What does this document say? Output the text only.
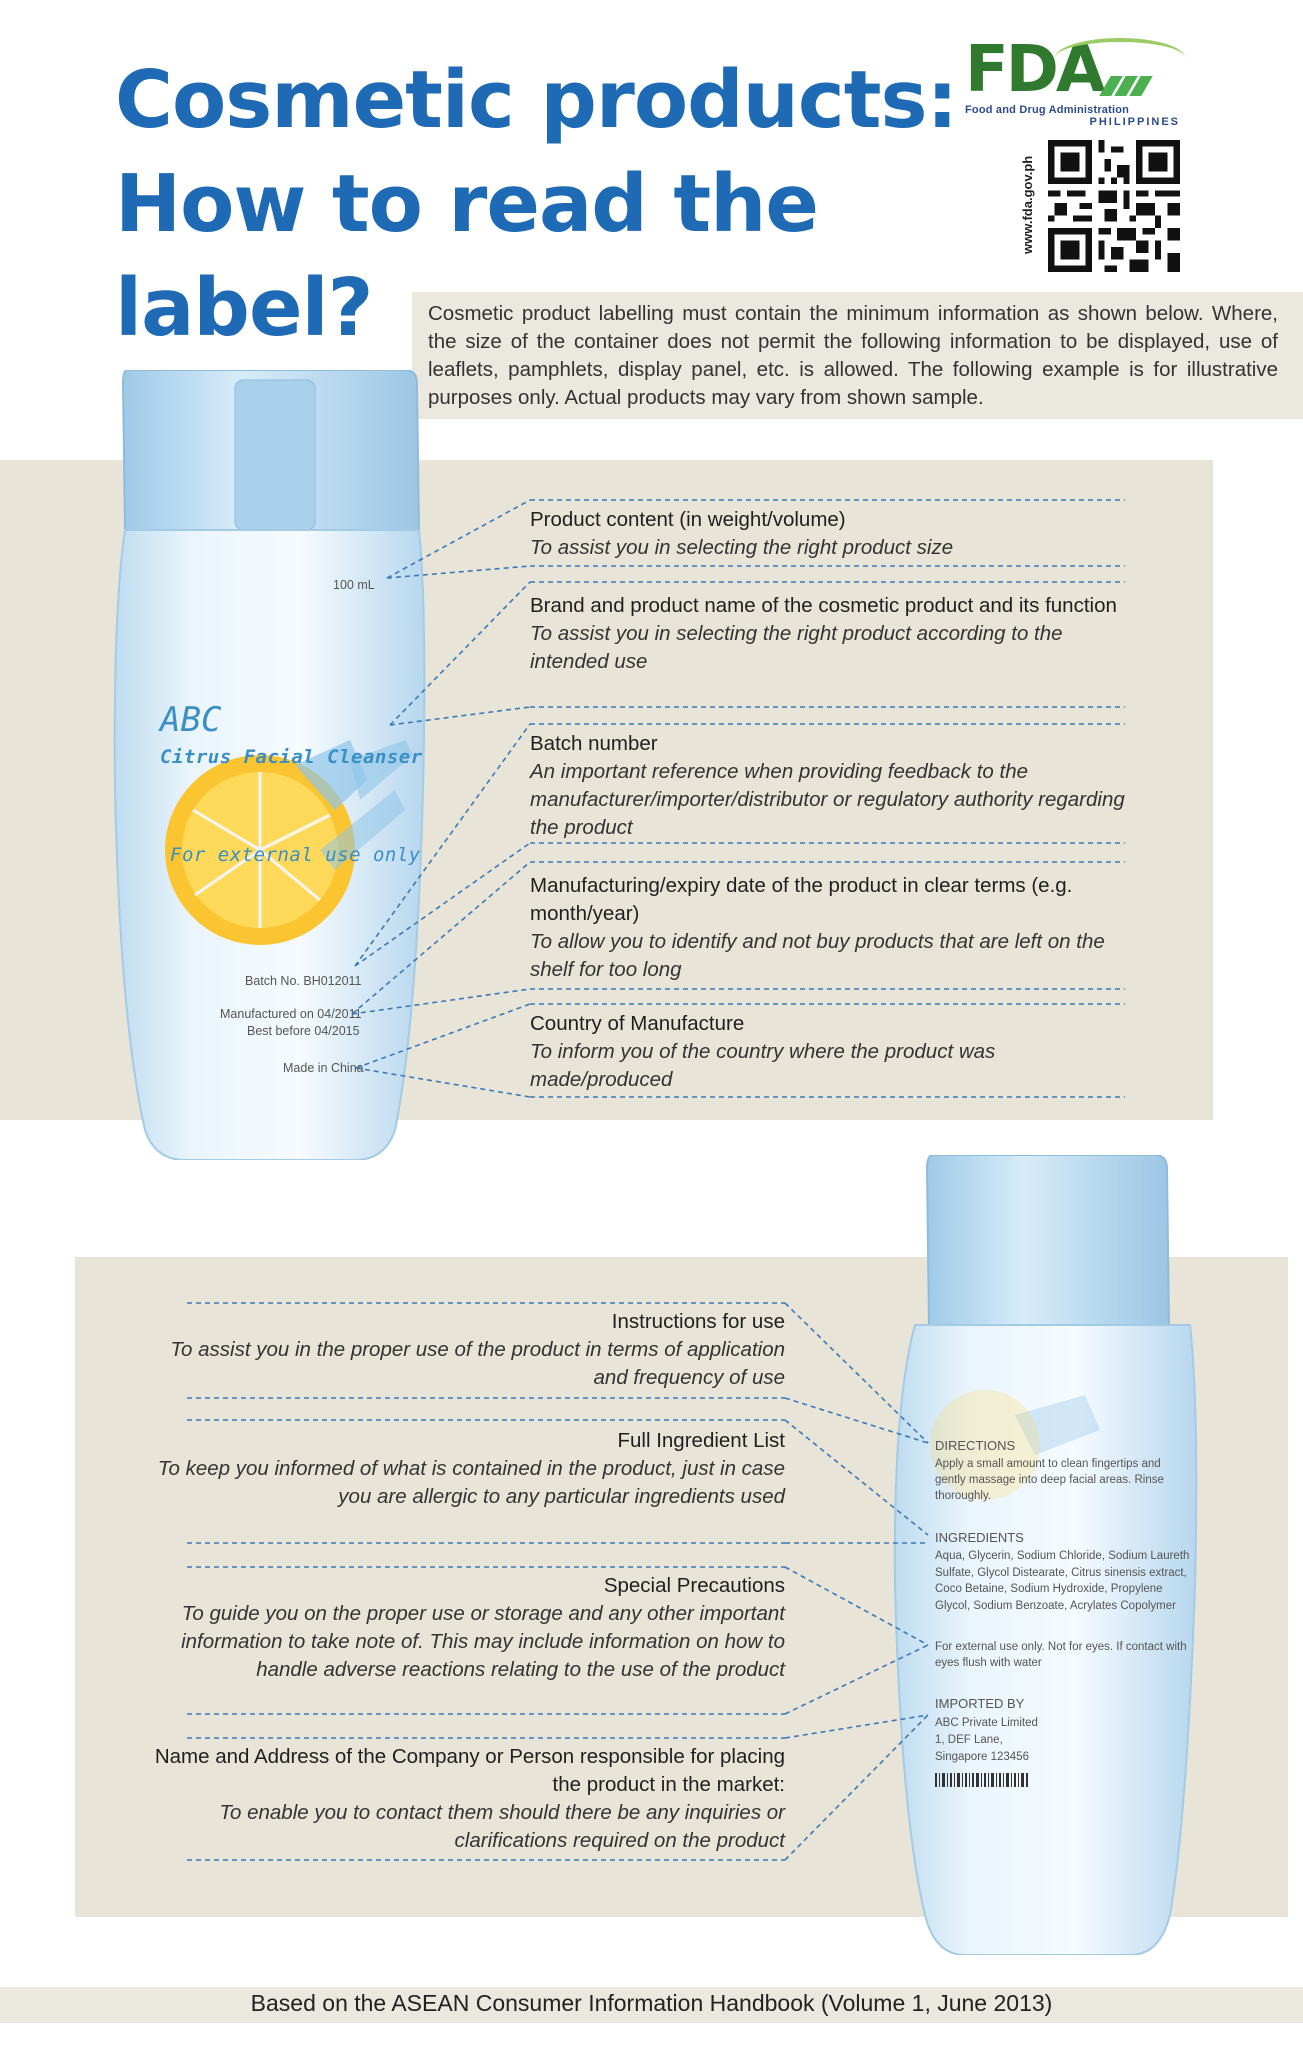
Cosmetic products:
How to read the label?
FDA
Food and Drug Administration
PHILIPPINES
www.fda.gov.ph
Cosmetic product labelling must contain the minimum information as shown below. Where, the size of the container does not permit the following information to be displayed, use of leaflets, pamphlets, display panel, etc. is allowed. The following example is for illustrative purposes only. Actual products may vary from shown sample.
100 mL
ABC
Citrus Facial Cleanser
For external use only
Batch No. BH012011
Manufactured on 04/2011
Best before 04/2015
Made in China
Product content (in weight/volume)
To assist you in selecting the right product size
Brand and product name of the cosmetic product and its function
To assist you in selecting the right product according to the intended use
Batch number
An important reference when providing feedback to the manufacturer/importer/distributor or regulatory authority regarding the product
Manufacturing/expiry date of the product in clear terms (e.g. month/year)
To allow you to identify and not buy products that are left on the shelf for too long
Country of Manufacture
To inform you of the country where the product was made/produced
DIRECTIONS
Apply a small amount to clean fingertips and gently massage into deep facial areas. Rinse thoroughly.
INGREDIENTS
Aqua, Glycerin, Sodium Chloride, Sodium Laureth Sulfate, Glycol Distearate, Citrus sinensis extract, Coco Betaine, Sodium Hydroxide, Propylene Glycol, Sodium Benzoate, Acrylates Copolymer
For external use only. Not for eyes. If contact with eyes flush with water
IMPORTED BY
ABC Private Limited
1, DEF Lane,
Singapore 123456
Instructions for use
To assist you in the proper use of the product in terms of application and frequency of use
Full Ingredient List
To keep you informed of what is contained in the product, just in case you are allergic to any particular ingredients used
Special Precautions
To guide you on the proper use or storage and any other important information to take note of. This may include information on how to handle adverse reactions relating to the use of the product
Name and Address of the Company or Person responsible for placing the product in the market:
To enable you to contact them should there be any inquiries or clarifications required on the product
Based on the ASEAN Consumer Information Handbook (Volume 1, June 2013)
